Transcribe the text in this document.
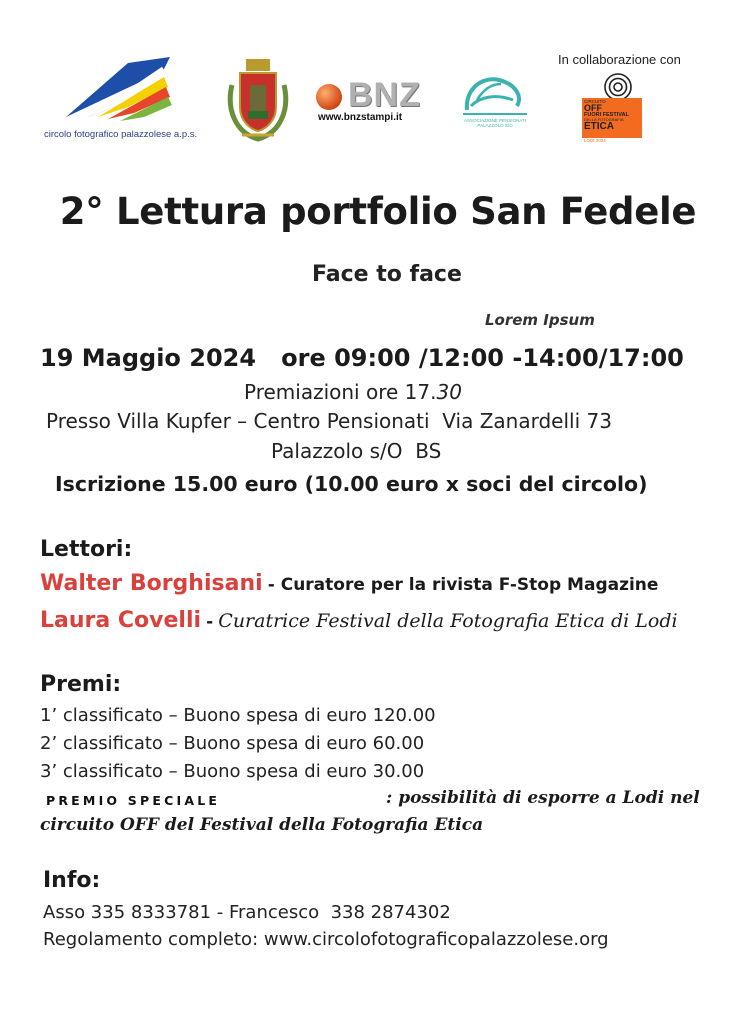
circolo fotografico palazzolese a.p.s.
BNZ
www.bnzstampi.it	ASSOCIAZIONE PENSIONATI PALAZZOLO S/O
In collaborazione con
CIRCUITO
OFF
FUORI FESTIVAL
DELLA FOTOGRAFIA
ETICA
LODI 2024
2° Lettura portfolio San Fedele
Face to face
Lorem Ipsum
19 Maggio 2024   ore 09:00 /12:00 -14:00/17:00
Premiazioni ore 17.30
Presso Villa Kupfer – Centro Pensionati  Via Zanardelli 73
Palazzolo s/O  BS
Iscrizione 15.00 euro (10.00 euro x soci del circolo)
Lettori:
Walter Borghisani - Curatore per la rivista F-Stop Magazine
Laura Covelli - Curatrice Festival della Fotografia Etica di Lodi
Premi:
1’ classificato – Buono spesa di euro 120.00
2’ classificato – Buono spesa di euro 60.00
3’ classificato – Buono spesa di euro 30.00
PREMIO SPECIALE	: possibilità di esporre a Lodi nel
circuito OFF del Festival della Fotografia Etica
Info:
Asso 335 8333781 - Francesco  338 2874302
Regolamento completo: www.circolofotograficopalazzolese.org
